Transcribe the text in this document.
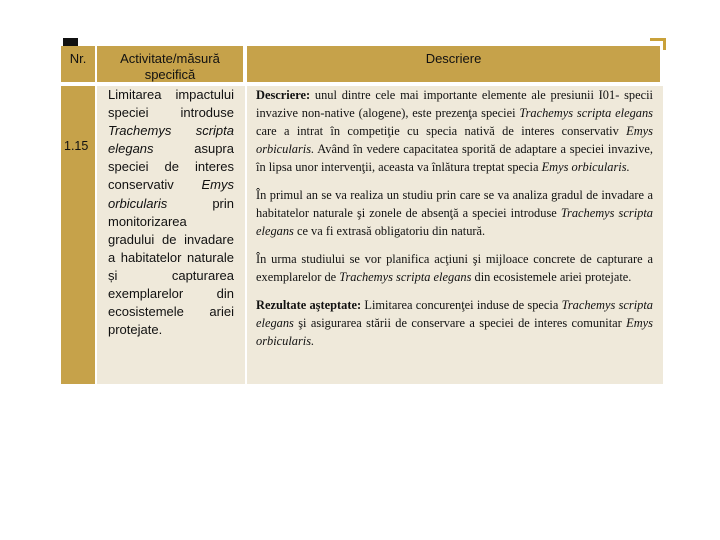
Nr.	Activitate/măsură specifică
Descriere
1.15

Limitarea impactului speciei introduse Trachemys scripta elegans asupra speciei de interes conservativ Emys orbicularis prin monitorizarea gradului de invadare a habitatelor naturale și capturarea exemplarelor din ecosistemele ariei protejate.

Descriere: unul dintre cele mai importante elemente ale presiunii I01- specii invazive non-native (alogene), este prezenţa speciei Trachemys scripta elegans care a intrat în competiţie cu specia nativă de interes conservativ Emys orbicularis. Având în vedere capacitatea sporită de adaptare a speciei invazive, în lipsa unor intervenţii, aceasta va înlătura treptat specia Emys orbicularis.

În primul an se va realiza un studiu prin care se va analiza gradul de invadare a habitatelor naturale şi zonele de absenţă a speciei introduse Trachemys scripta elegans ce va fi extrasă obligatoriu din natură.

În urma studiului se vor planifica acţiuni şi mijloace concrete de capturare a exemplarelor de Trachemys scripta elegans din ecosistemele ariei protejate.

Rezultate aşteptate: Limitarea concurenţei induse de specia Trachemys scripta elegans şi asigurarea stării de conservare a speciei de interes comunitar Emys orbicularis.
